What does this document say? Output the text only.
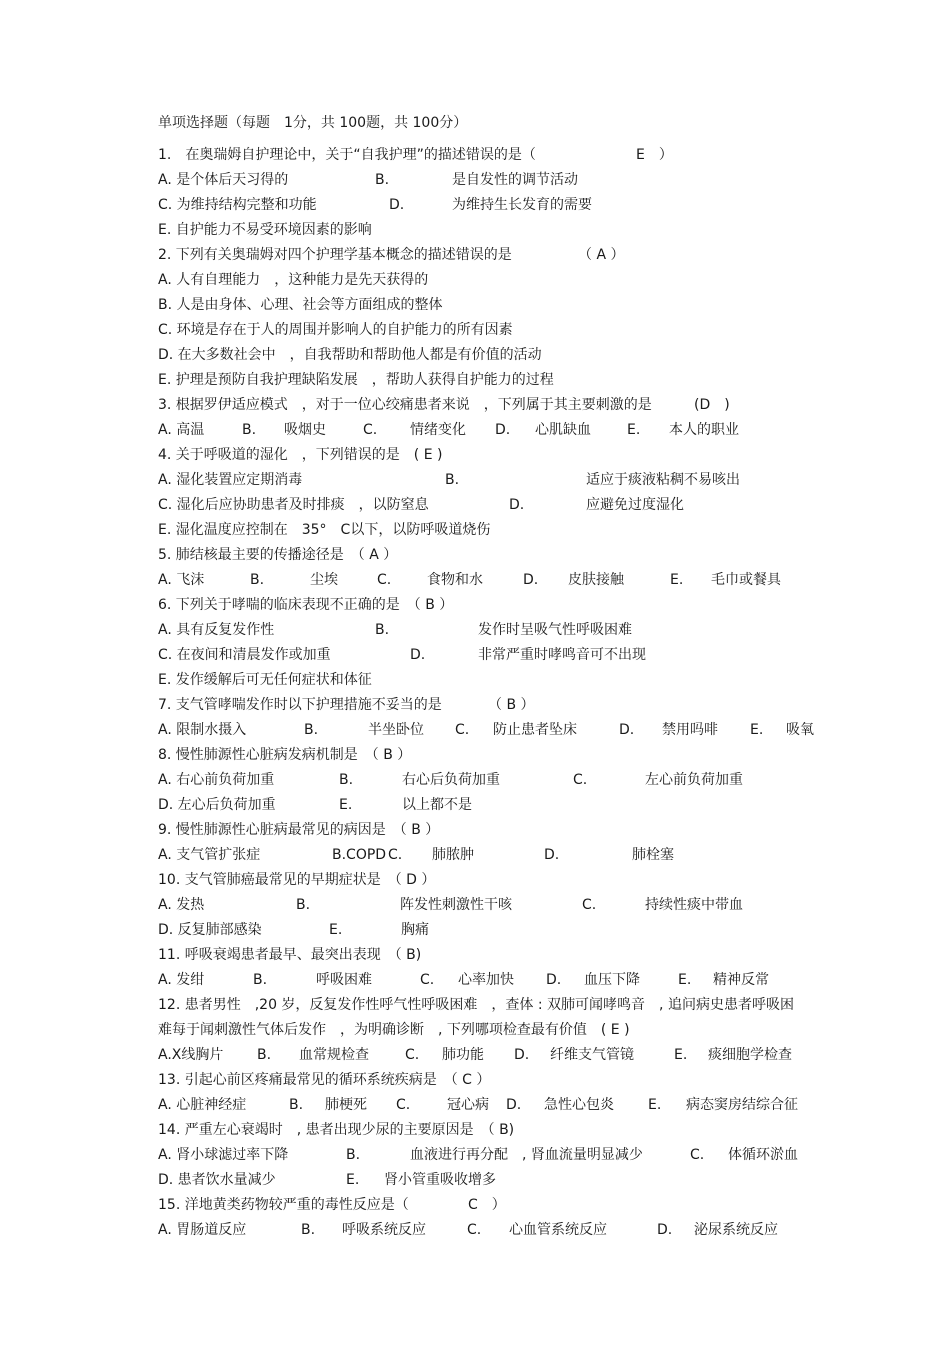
单项选择题（每题　1分，共 100题，共 100分）
1.　在奥瑞姆自护理论中，关于“自我护理”的描述错误的是（	E　）
A. 是个体后天习得的	B.	是自发性的调节活动
C. 为维持结构完整和功能	D.	为维持生长发育的需要
E. 自护能力不易受环境因素的影响
2. 下列有关奥瑞姆对四个护理学基本概念的描述错误的是	（ A ）
A. 人有自理能力　，这种能力是先天获得的
B. 人是由身体、心理、社会等方面组成的整体
C. 环境是存在于人的周围并影响人的自护能力的所有因素
D. 在大多数社会中　，自我帮助和帮助他人都是有价值的活动
E. 护理是预防自我护理缺陷发展　，帮助人获得自护能力的过程
3. 根据罗伊适应模式　，对于一位心绞痛患者来说　，下列属于其主要刺激的是	(D　)
A. 高温	B. 吸烟史	C. 情绪变化 D. 心肌缺血	E. 本人的职业
4. 关于呼吸道的湿化　，下列错误的是　( E )
A. 湿化装置应定期消毒	B.	适应于痰液粘稠不易咳出
C. 湿化后应协助患者及时排痰　，以防窒息	D.	应避免过度湿化
E. 湿化温度应控制在　35°　C以下，以防呼吸道烧伤
5. 肺结核最主要的传播途径是　（ A ）
A. 飞沫	B.	尘埃	C.	食物和水	D. 皮肤接触	E. 毛巾或餐具
6. 下列关于哮喘的临床表现不正确的是　（ B ）
A. 具有反复发作性	B.	发作时呈吸气性呼吸困难
C. 在夜间和清晨发作或加重	D.	非常严重时哮鸣音可不出现
E. 发作缓解后可无任何症状和体征
7. 支气管哮喘发作时以下护理措施不妥当的是	（ B ）
A. 限制水摄入	B.	半坐卧位 C. 防止患者坠床	D. 禁用吗啡 E. 吸氧
8. 慢性肺源性心脏病发病机制是　（ B ）
A. 右心前负荷加重	B.	右心后负荷加重	C.	左心前负荷加重
D. 左心后负荷加重	E.	以上都不是
9. 慢性肺源性心脏病最常见的病因是　（ B ）
A. 支气管扩张症	B.COPD C. 肺脓肿	D.	肺栓塞
10. 支气管肺癌最常见的早期症状是　（ D ）
A. 发热	B.	阵发性刺激性干咳	C.	持续性痰中带血
D. 反复肺部感染	E.	胸痛
11. 呼吸衰竭患者最早、最突出表现　（ B)
A. 发绀	B.	呼吸困难	C. 心率加快 D. 血压下降	E. 精神反常
12. 患者男性　,20 岁，反复发作性呼气性呼吸困难　，查体 : 双肺可闻哮鸣音　, 追问病史患者呼吸困
难每于闻刺激性气体后发作　，为明确诊断　, 下列哪项检查最有价值　( E )
A.X线胸片 B. 血常规检查	C. 肺功能 D. 纤维支气管镜	E. 痰细胞学检查
13. 引起心前区疼痛最常见的循环系统疾病是　（ C ）
A. 心脏神经症	B. 肺梗死 C.	冠心病 D. 急性心包炎 E. 病态窦房结综合征
14. 严重左心衰竭时　, 患者出现少尿的主要原因是　（ B)
A. 肾小球滤过率下降	B.	血液进行再分配　, 肾血流量明显减少	C. 体循环淤血
D. 患者饮水量减少	E. 肾小管重吸收增多
15. 洋地黄类药物较严重的毒性反应是（	C　）
A. 胃肠道反应	B. 呼吸系统反应	C. 心血管系统反应	D. 泌尿系统反应
